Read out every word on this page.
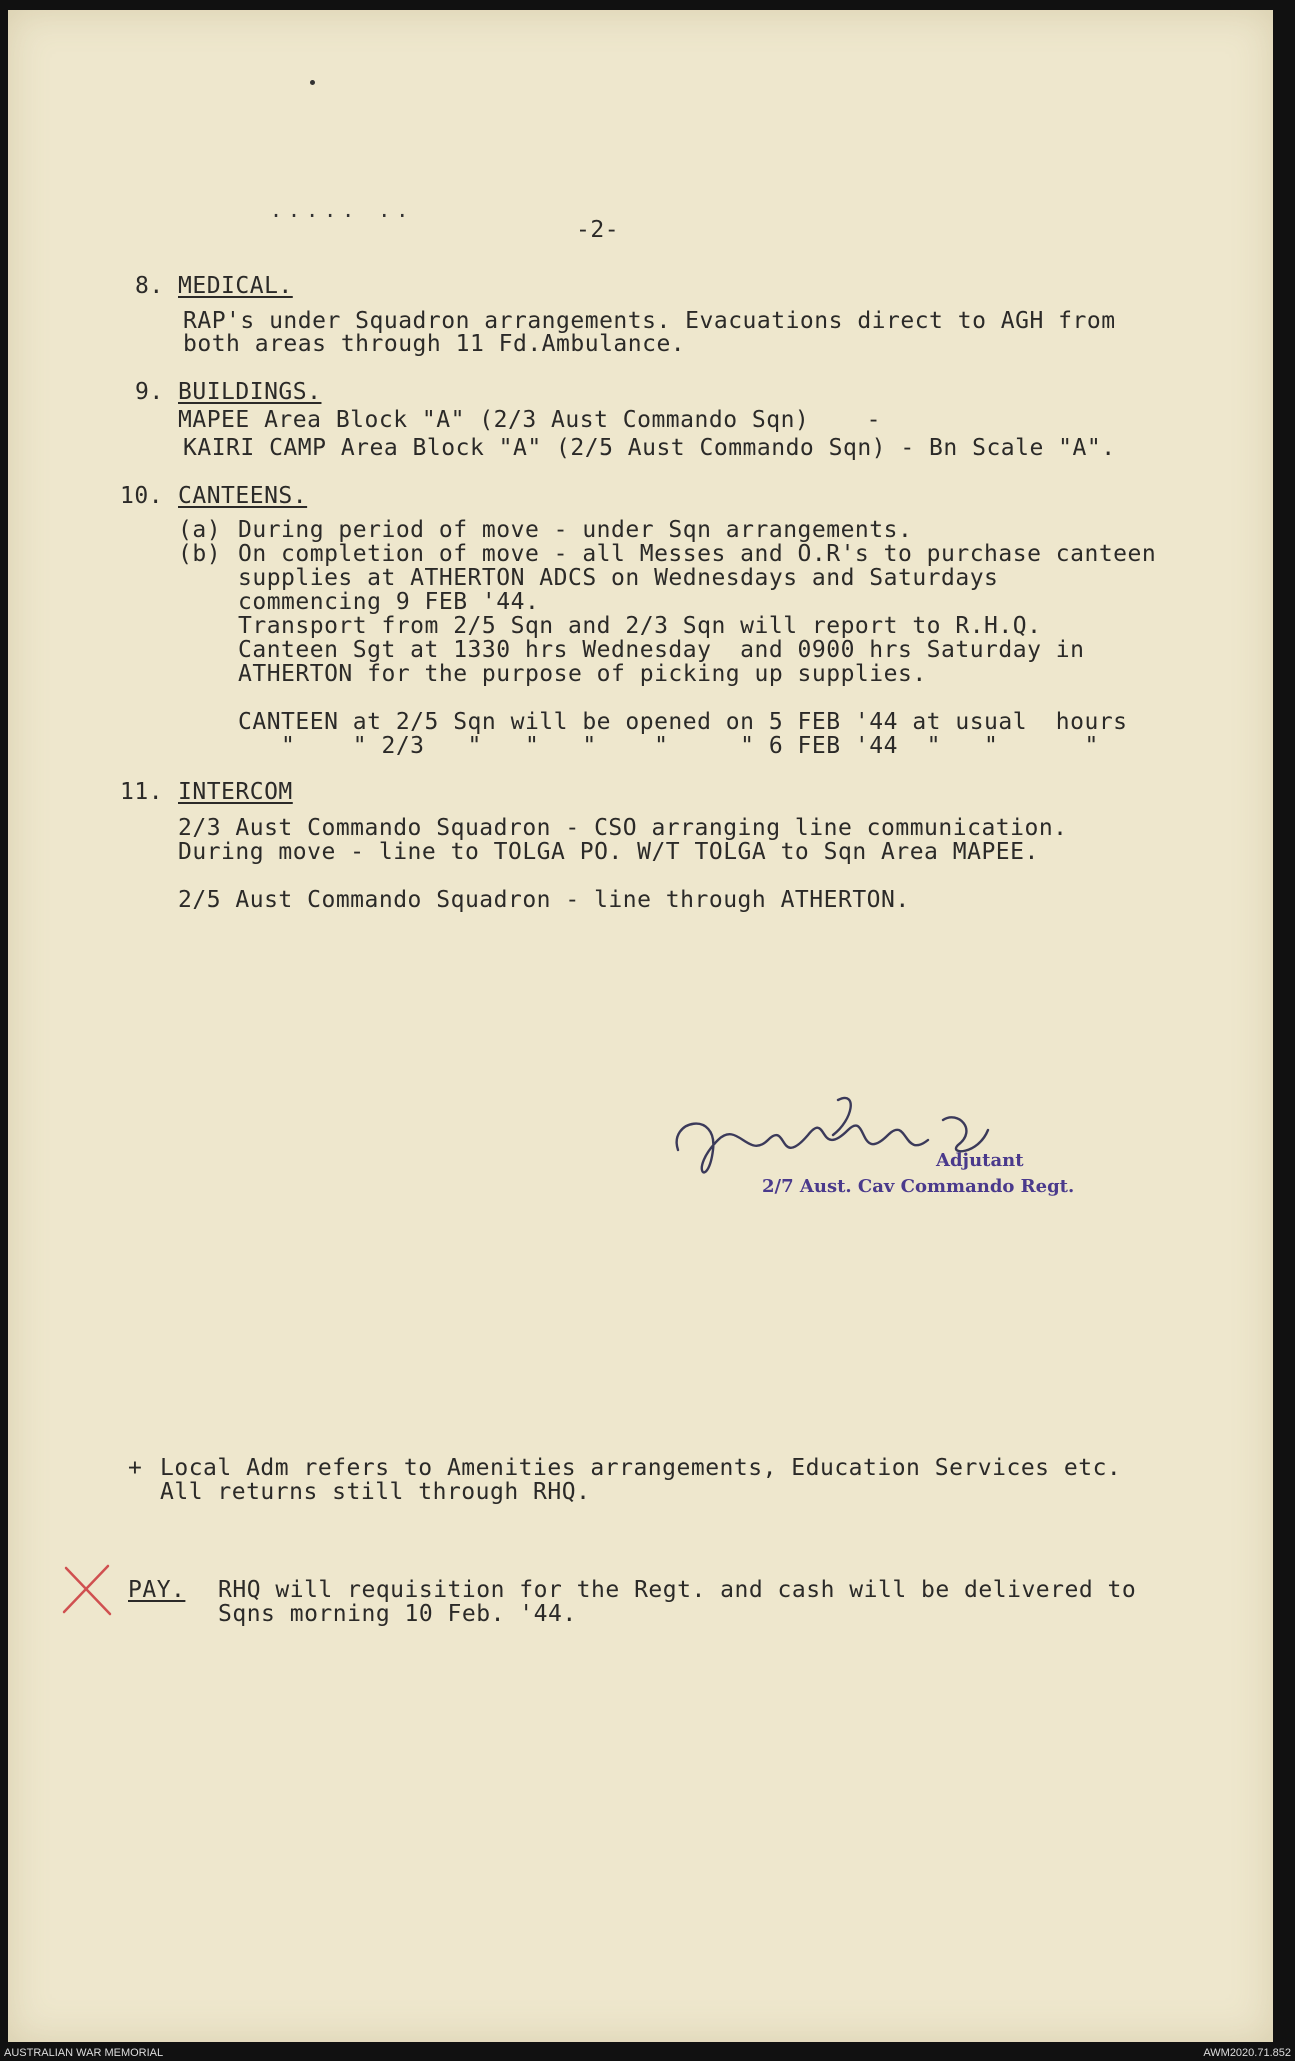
..... ..
-2-
8. MEDICAL.
RAP's under Squadron arrangements. Evacuations direct to AGH from
both areas through 11 Fd.Ambulance.
9. BUILDINGS.
MAPEE Area Block "A" (2/3 Aust Commando Sqn)    -
KAIRI CAMP Area Block "A" (2/5 Aust Commando Sqn) - Bn Scale "A".
10. CANTEENS.
(a) During period of move - under Sqn arrangements.
(b) On completion of move - all Messes and O.R's to purchase canteen
supplies at ATHERTON ADCS on Wednesdays and Saturdays
commencing 9 FEB '44.
Transport from 2/5 Sqn and 2/3 Sqn will report to R.H.Q.
Canteen Sgt at 1330 hrs Wednesday  and 0900 hrs Saturday in
ATHERTON for the purpose of picking up supplies.
CANTEEN at 2/5 Sqn will be opened on 5 FEB '44 at usual  hours
"    " 2/3   "   "   "    "     " 6 FEB '44  "   "      "
11. INTERCOM
2/3 Aust Commando Squadron - CSO arranging line communication.
During move - line to TOLGA PO. W/T TOLGA to Sqn Area MAPEE.
2/5 Aust Commando Squadron - line through ATHERTON.
Adjutant
2/7 Aust. Cav Commando Regt.
+ Local Adm refers to Amenities arrangements, Education Services etc.
All returns still through RHQ.
PAY. RHQ will requisition for the Regt. and cash will be delivered to
Sqns morning 10 Feb. '44.
AUSTRALIAN WAR MEMORIAL	AWM2020.71.852
